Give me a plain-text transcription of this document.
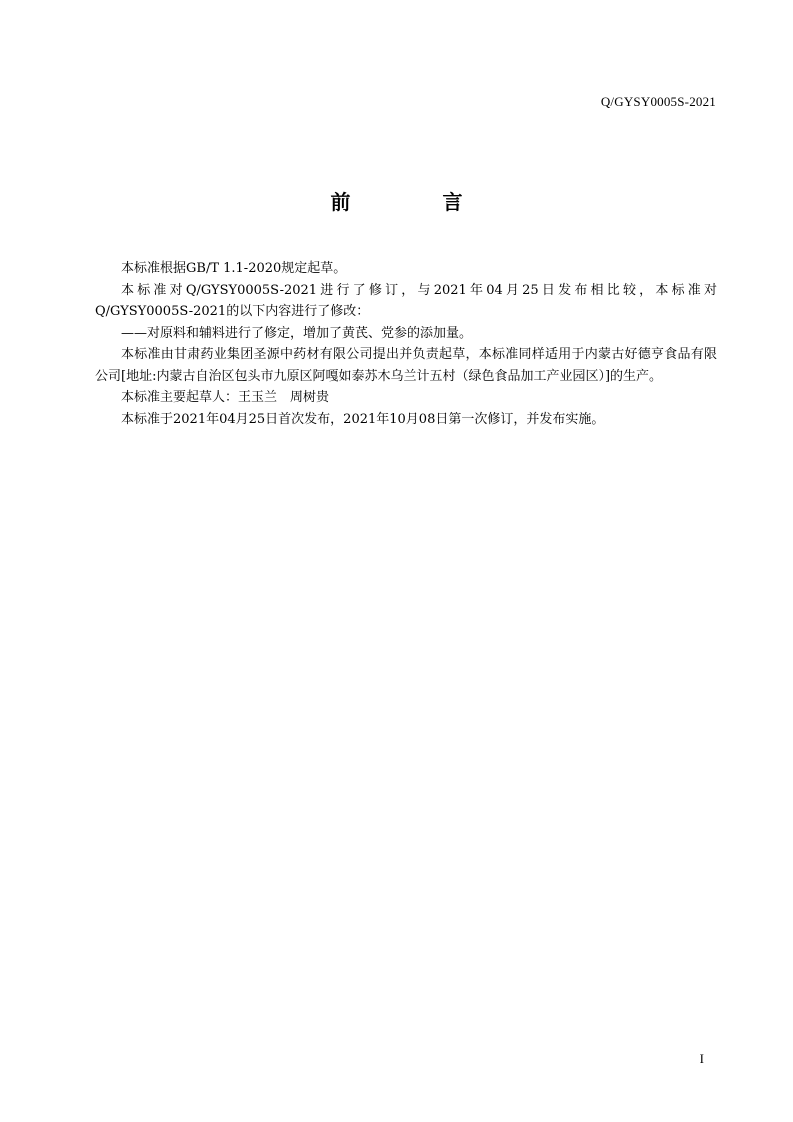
Q/GYSY0005S-2021
前　言

本标准根据GB/T 1.1-2020规定起草。

本标准对Q/GYSY0005S-2021进行了修订，与2021年04月25日发布相比较，本标准对

Q/GYSY0005S-2021的以下内容进行了修改：

——对原料和辅料进行了修定，增加了黄芪、党参的添加量。

本标准由甘肃药业集团圣源中药材有限公司提出并负责起草，本标准同样适用于内蒙古好德亨食品有限公司[地址:内蒙古自治区包头市九原区阿嘎如泰苏木乌兰计五村（绿色食品加工产业园区）]的生产。

本标准主要起草人：王玉兰　周树贵

本标准于2021年04月25日首次发布，2021年10月08日第一次修订，并发布实施。

I
